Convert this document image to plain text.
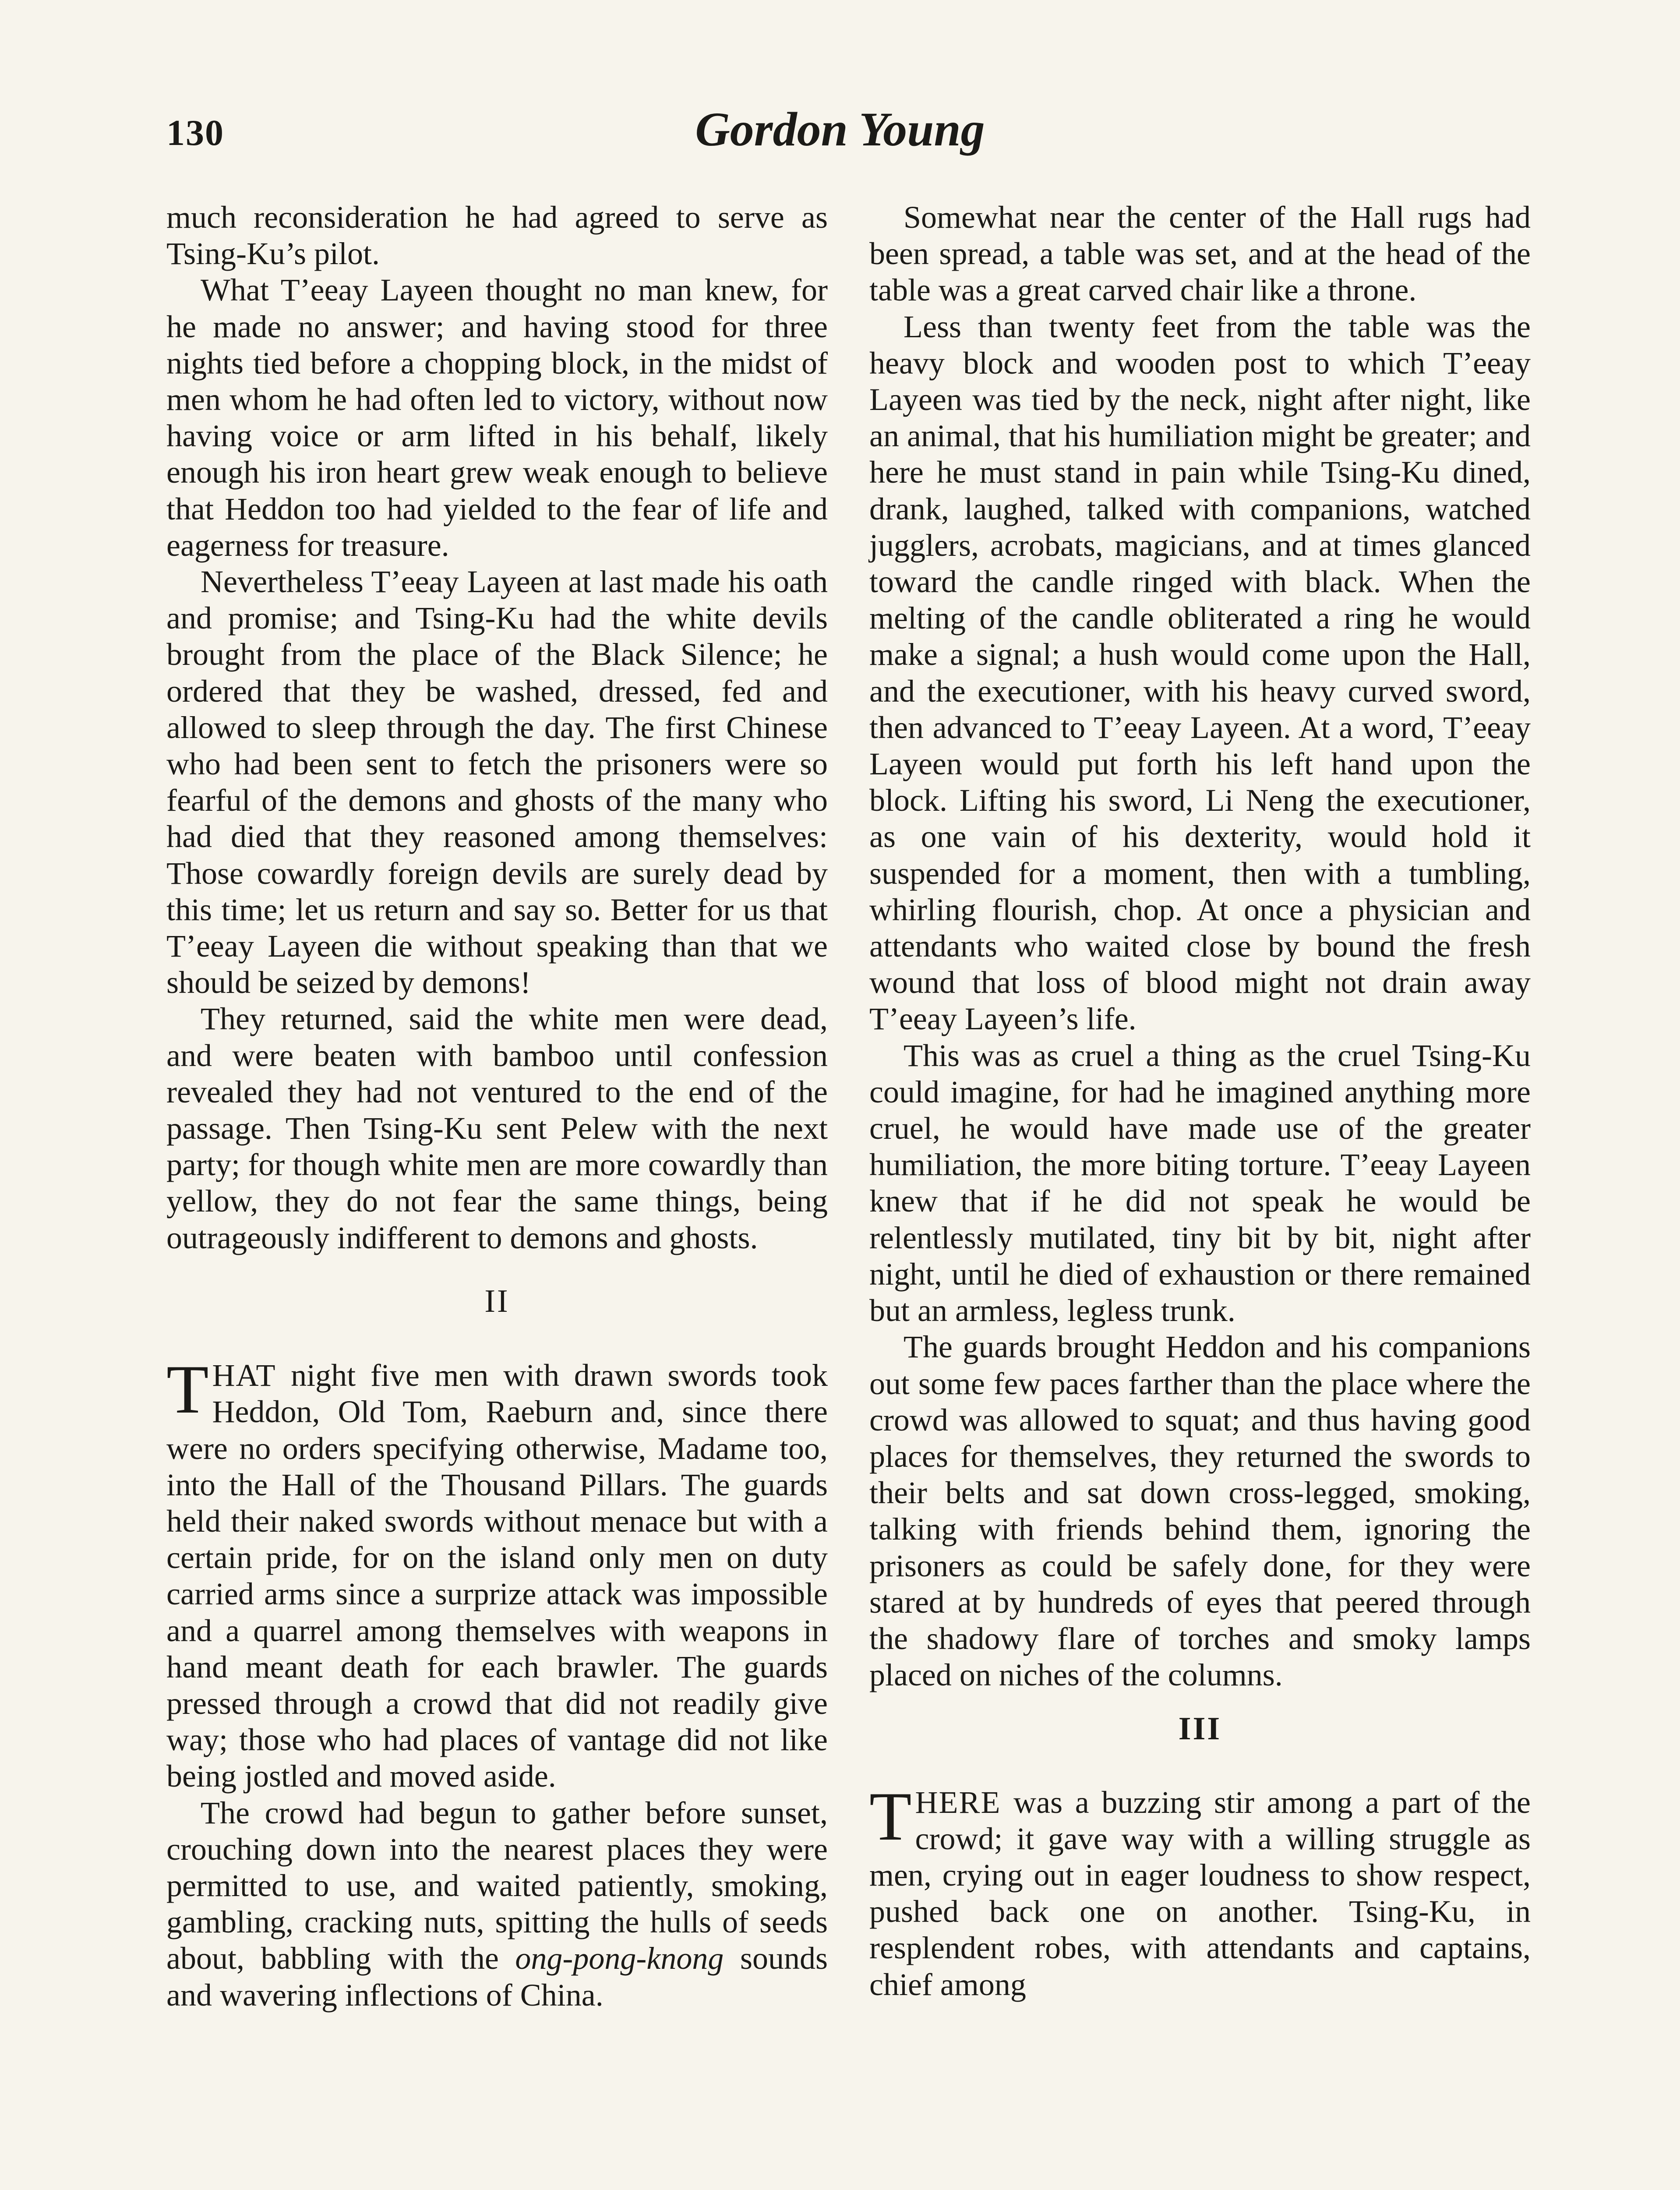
130	Gordon Young

much reconsideration he had agreed to serve as Tsing-Ku’s pilot.

What T’eeay Layeen thought no man knew, for he made no answer; and having stood for three nights tied before a chopping block, in the midst of men whom he had often led to victory, without now having voice or arm lifted in his behalf, likely enough his iron heart grew weak enough to believe that Heddon too had yielded to the fear of life and eagerness for treasure.

Nevertheless T’eeay Layeen at last made his oath and promise; and Tsing-Ku had the white devils brought from the place of the Black Silence; he ordered that they be washed, dressed, fed and allowed to sleep through the day. The first Chinese who had been sent to fetch the prisoners were so fearful of the demons and ghosts of the many who had died that they reasoned among themselves: Those cowardly foreign devils are surely dead by this time; let us return and say so. Better for us that T’eeay Layeen die without speaking than that we should be seized by demons!

They returned, said the white men were dead, and were beaten with bamboo until confession revealed they had not ventured to the end of the passage. Then Tsing-Ku sent Pelew with the next party; for though white men are more cowardly than yellow, they do not fear the same things, being outrageously indifferent to demons and ghosts.

II

THAT night five men with drawn swords took Heddon, Old Tom, Raeburn and, since there were no orders specifying otherwise, Madame too, into the Hall of the Thousand Pillars. The guards held their naked swords without menace but with a certain pride, for on the island only men on duty carried arms since a surprize attack was impossible and a quarrel among themselves with weapons in hand meant death for each brawler. The guards pressed through a crowd that did not readily give way; those who had places of vantage did not like being jostled and moved aside.

The crowd had begun to gather before sunset, crouching down into the nearest places they were permitted to use, and waited patiently, smoking, gambling, cracking nuts, spitting the hulls of seeds about, babbling with the ong-pong-knong sounds and wavering inflections of China.

Somewhat near the center of the Hall rugs had been spread, a table was set, and at the head of the table was a great carved chair like a throne.

Less than twenty feet from the table was the heavy block and wooden post to which T’eeay Layeen was tied by the neck, night after night, like an animal, that his humiliation might be greater; and here he must stand in pain while Tsing-Ku dined, drank, laughed, talked with companions, watched jugglers, acrobats, magicians, and at times glanced toward the candle ringed with black. When the melting of the candle obliterated a ring he would make a signal; a hush would come upon the Hall, and the executioner, with his heavy curved sword, then advanced to T’eeay Layeen. At a word, T’eeay Layeen would put forth his left hand upon the block. Lifting his sword, Li Neng the executioner, as one vain of his dexterity, would hold it suspended for a moment, then with a tumbling, whirling flourish, chop. At once a physician and attendants who waited close by bound the fresh wound that loss of blood might not drain away T’eeay Layeen’s life.

This was as cruel a thing as the cruel Tsing-Ku could imagine, for had he imagined anything more cruel, he would have made use of the greater humiliation, the more biting torture. T’eeay Layeen knew that if he did not speak he would be relentlessly mutilated, tiny bit by bit, night after night, until he died of exhaustion or there remained but an armless, legless trunk.

The guards brought Heddon and his companions out some few paces farther than the place where the crowd was allowed to squat; and thus having good places for themselves, they returned the swords to their belts and sat down cross-legged, smoking, talking with friends behind them, ignoring the prisoners as could be safely done, for they were stared at by hundreds of eyes that peered through the shadowy flare of torches and smoky lamps placed on niches of the columns.

III

THERE was a buzzing stir among a part of the crowd; it gave way with a willing struggle as men, crying out in eager loudness to show respect, pushed back one on another. Tsing-Ku, in resplendent robes, with attendants and captains, chief among
